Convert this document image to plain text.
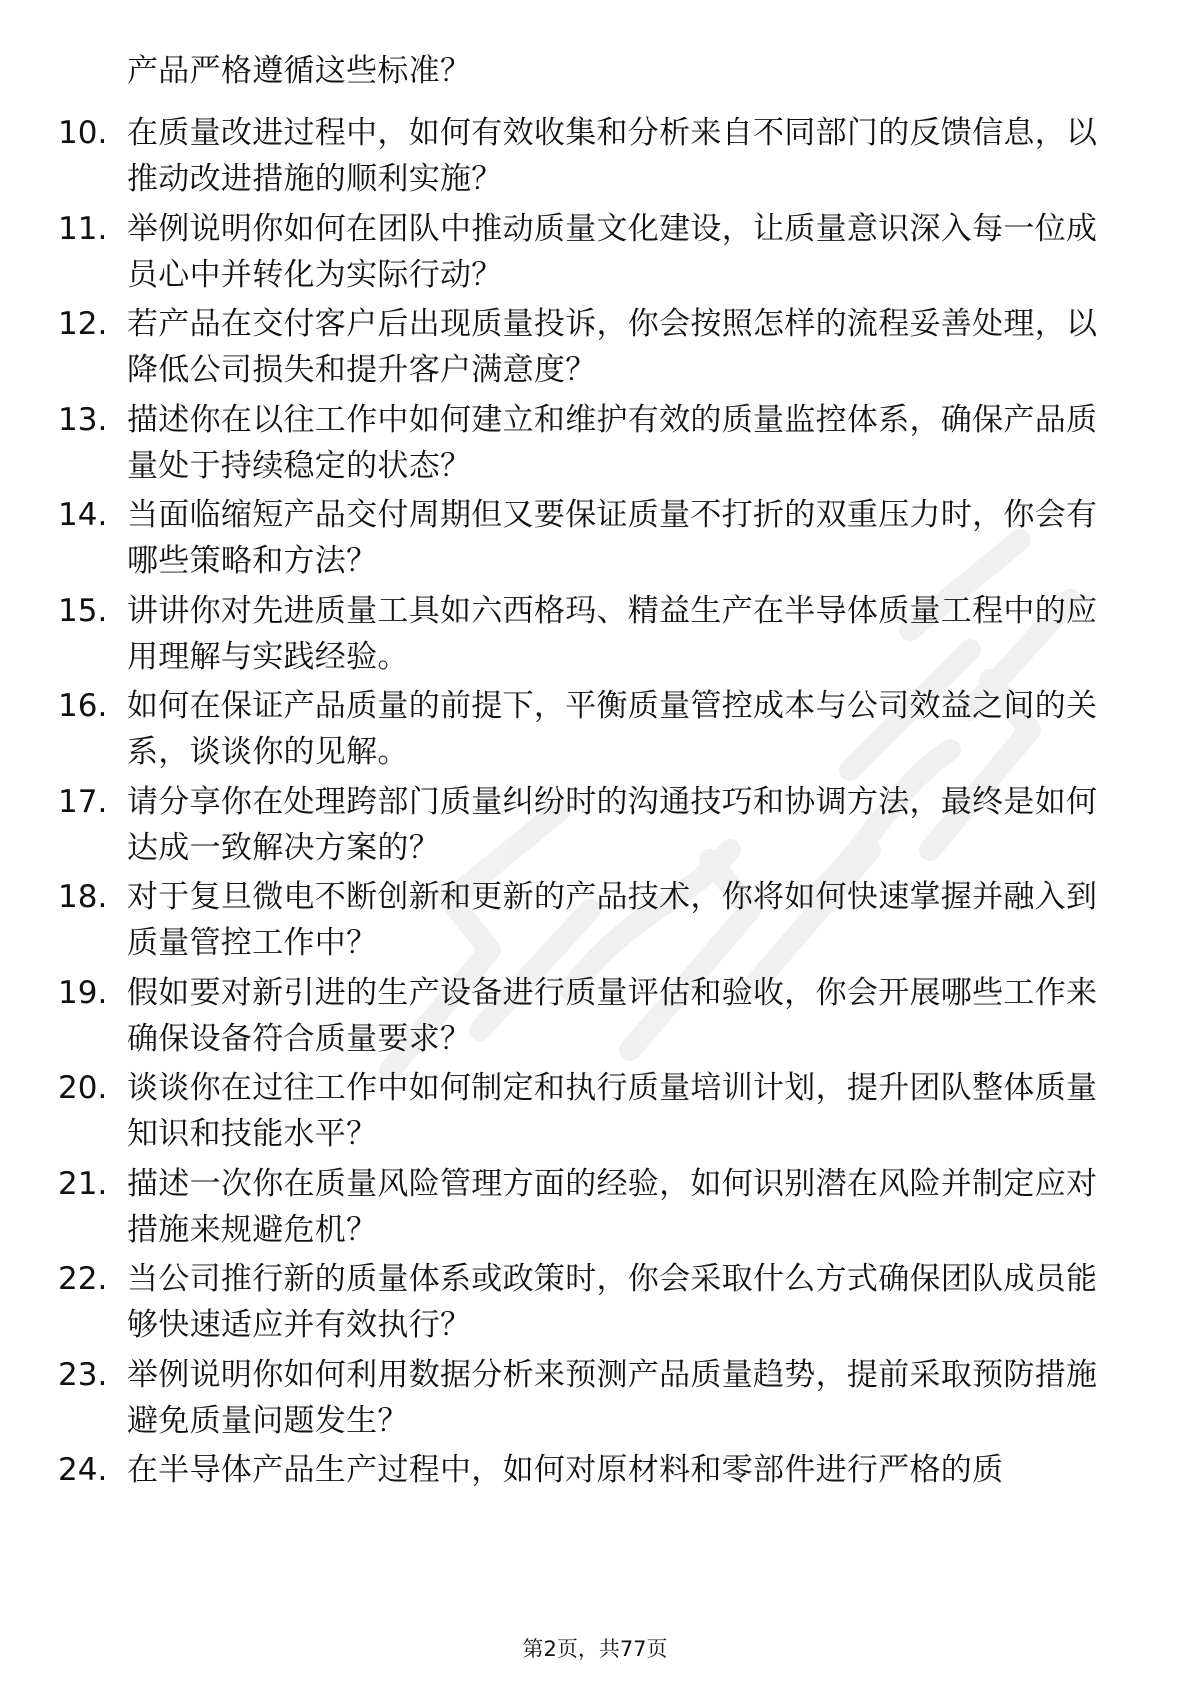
产品严格遵循这些标准？
10. 在质量改进过程中，如何有效收集和分析来自不同部门的反馈信息，以推动改进措施的顺利实施？
11. 举例说明你如何在团队中推动质量文化建设，让质量意识深入每一位成员心中并转化为实际行动？
12. 若产品在交付客户后出现质量投诉，你会按照怎样的流程妥善处理，以降低公司损失和提升客户满意度？
13. 描述你在以往工作中如何建立和维护有效的质量监控体系，确保产品质量处于持续稳定的状态？
14. 当面临缩短产品交付周期但又要保证质量不打折的双重压力时，你会有哪些策略和方法？
15. 讲讲你对先进质量工具如六西格玛、精益生产在半导体质量工程中的应用理解与实践经验。
16. 如何在保证产品质量的前提下，平衡质量管控成本与公司效益之间的关系，谈谈你的见解。
17. 请分享你在处理跨部门质量纠纷时的沟通技巧和协调方法，最终是如何达成一致解决方案的？
18. 对于复旦微电不断创新和更新的产品技术，你将如何快速掌握并融入到质量管控工作中？
19. 假如要对新引进的生产设备进行质量评估和验收，你会开展哪些工作来确保设备符合质量要求？
20. 谈谈你在过往工作中如何制定和执行质量培训计划，提升团队整体质量知识和技能水平？
21. 描述一次你在质量风险管理方面的经验，如何识别潜在风险并制定应对措施来规避危机？
22. 当公司推行新的质量体系或政策时，你会采取什么方式确保团队成员能够快速适应并有效执行？
23. 举例说明你如何利用数据分析来预测产品质量趋势，提前采取预防措施避免质量问题发生？
24. 在半导体产品生产过程中，如何对原材料和零部件进行严格的质
第2页，共77页
